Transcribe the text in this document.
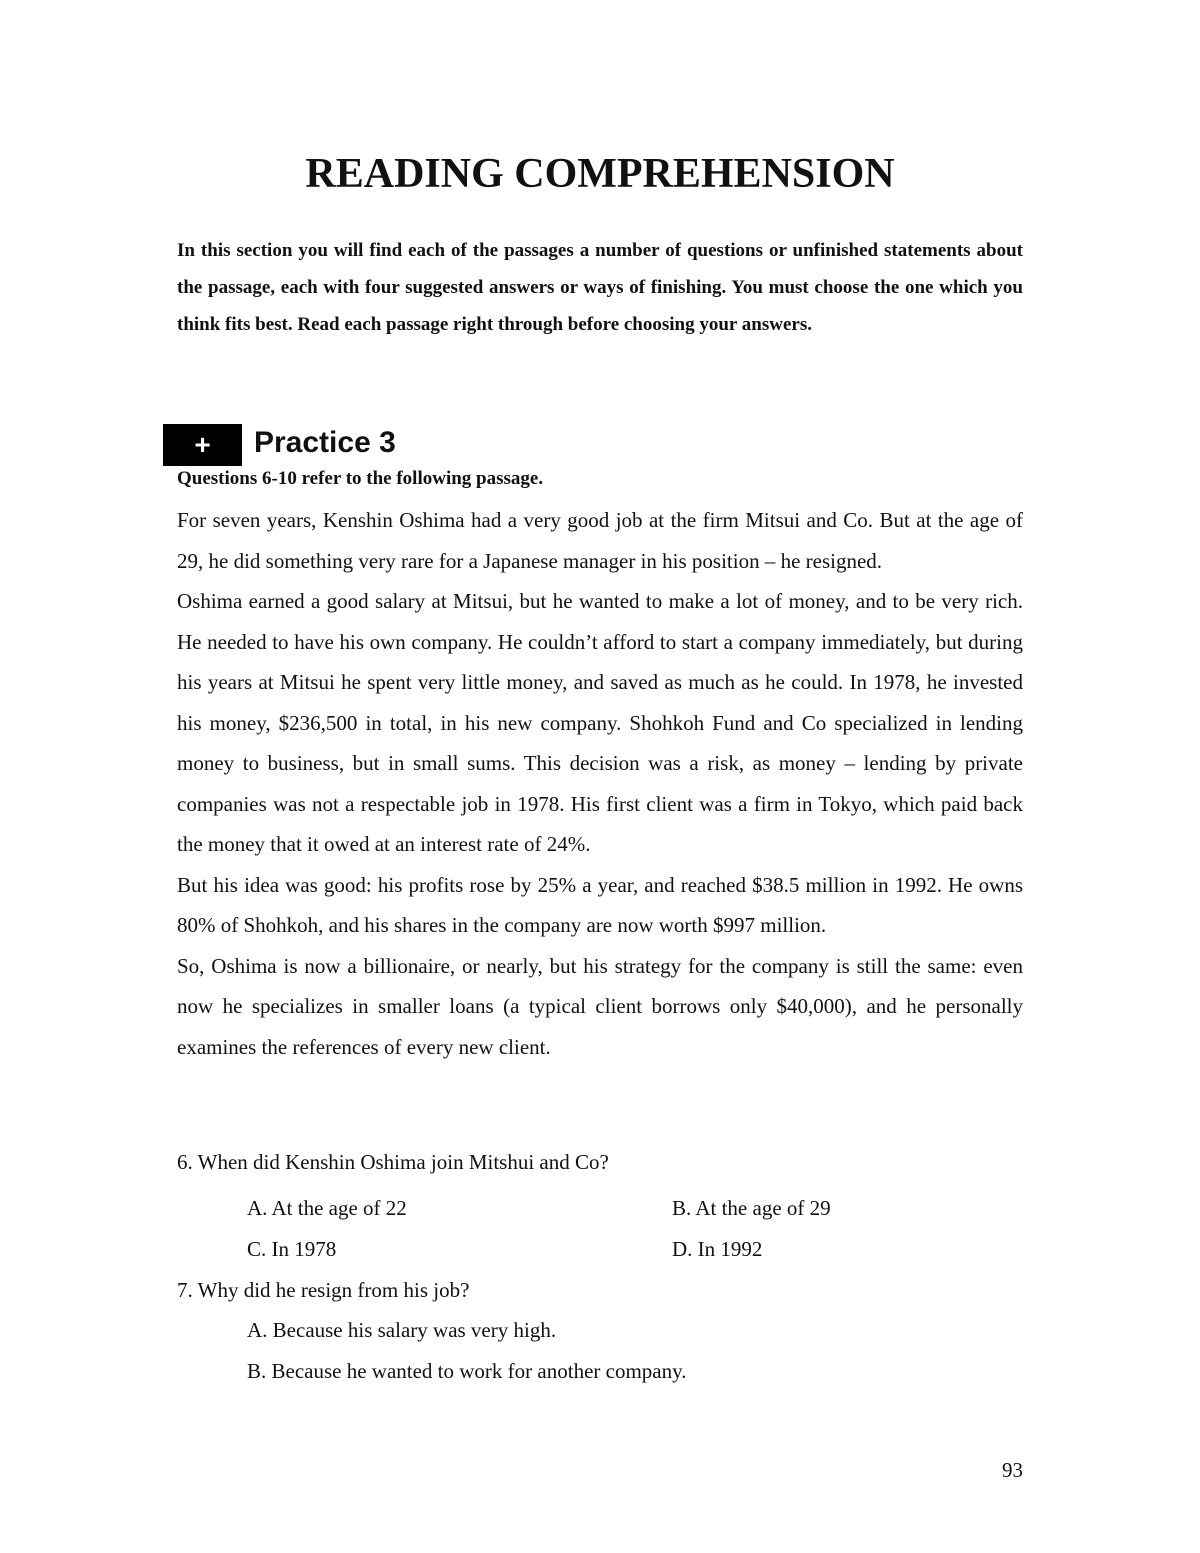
READING COMPREHENSION

In this section you will find each of the passages a number of questions or unfinished statements about the passage, each with four suggested answers or ways of finishing. You must choose the one which you think fits best. Read each passage right through before choosing your answers.

+	Practice 3

Questions 6-10 refer to the following passage.

For seven years, Kenshin Oshima had a very good job at the firm Mitsui and Co. But at the age of 29, he did something very rare for a Japanese manager in his position – he resigned.

Oshima earned a good salary at Mitsui, but he wanted to make a lot of money, and to be very rich. He needed to have his own company. He couldn’t afford to start a company immediately, but during his years at Mitsui he spent very little money, and saved as much as he could. In 1978, he invested his money, $236,500 in total, in his new company. Shohkoh Fund and Co specialized in lending money to business, but in small sums. This decision was a risk, as money – lending by private companies was not a respectable job in 1978. His first client was a firm in Tokyo, which paid back the money that it owed at an interest rate of 24%.

But his idea was good: his profits rose by 25% a year, and reached $38.5 million in 1992. He owns 80% of Shohkoh, and his shares in the company are now worth $997 million.

So, Oshima is now a billionaire, or nearly, but his strategy for the company is still the same: even now he specializes in smaller loans (a typical client borrows only $40,000), and he personally examines the references of every new client.

6. When did Kenshin Oshima join Mitshui and Co?
A. At the age of 22	B. At the age of 29
C. In 1978	D. In 1992
7. Why did he resign from his job?
A. Because his salary was very high.
B. Because he wanted to work for another company.
93
